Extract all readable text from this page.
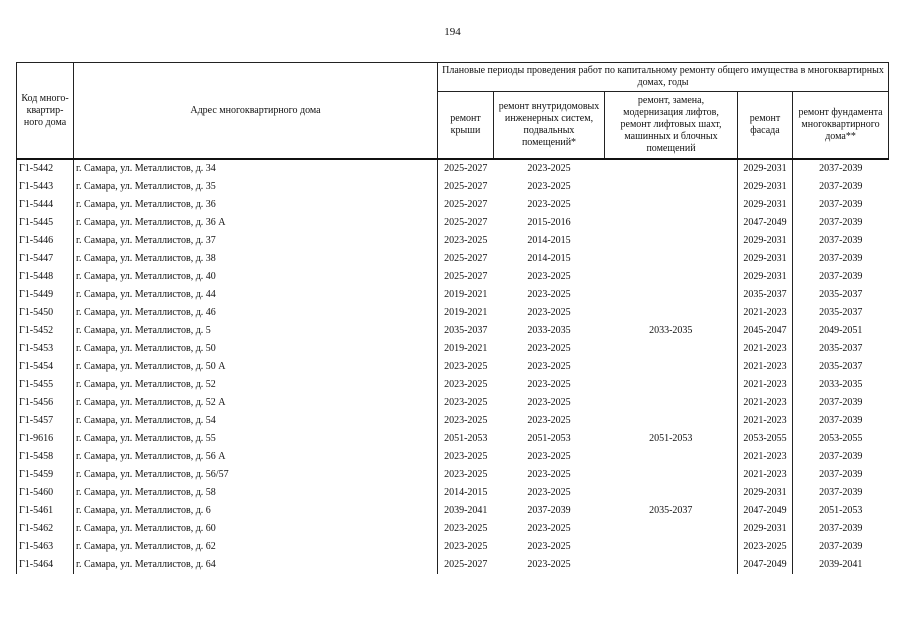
194
Код много-квартир-ного дома	Адрес многоквартирного дома	Плановые периоды проведения работ по капитальному ремонту общего имущества в многоквартирных домах, годы				
		ремонт крыши	ремонт внутридомовых инженерных систем, подвальных помещений*	ремонт, замена, модернизация лифтов, ремонт лифтовых шахт, машинных и блочных помещений	ремонт фасада	ремонт фундамента многоквартирного дома**
Г1-5442	г. Самара, ул. Металлистов, д. 34	2025-2027	2023-2025		2029-2031	2037-2039
Г1-5443	г. Самара, ул. Металлистов, д. 35	2025-2027	2023-2025		2029-2031	2037-2039
Г1-5444	г. Самара, ул. Металлистов, д. 36	2025-2027	2023-2025		2029-2031	2037-2039
Г1-5445	г. Самара, ул. Металлистов, д. 36 А	2025-2027	2015-2016		2047-2049	2037-2039
Г1-5446	г. Самара, ул. Металлистов, д. 37	2023-2025	2014-2015		2029-2031	2037-2039
Г1-5447	г. Самара, ул. Металлистов, д. 38	2025-2027	2014-2015		2029-2031	2037-2039
Г1-5448	г. Самара, ул. Металлистов, д. 40	2025-2027	2023-2025		2029-2031	2037-2039
Г1-5449	г. Самара, ул. Металлистов, д. 44	2019-2021	2023-2025		2035-2037	2035-2037
Г1-5450	г. Самара, ул. Металлистов, д. 46	2019-2021	2023-2025		2021-2023	2035-2037
Г1-5452	г. Самара, ул. Металлистов, д. 5	2035-2037	2033-2035	2033-2035	2045-2047	2049-2051
Г1-5453	г. Самара, ул. Металлистов, д. 50	2019-2021	2023-2025		2021-2023	2035-2037
Г1-5454	г. Самара, ул. Металлистов, д. 50 А	2023-2025	2023-2025		2021-2023	2035-2037
Г1-5455	г. Самара, ул. Металлистов, д. 52	2023-2025	2023-2025		2021-2023	2033-2035
Г1-5456	г. Самара, ул. Металлистов, д. 52 А	2023-2025	2023-2025		2021-2023	2037-2039
Г1-5457	г. Самара, ул. Металлистов, д. 54	2023-2025	2023-2025		2021-2023	2037-2039
Г1-9616	г. Самара, ул. Металлистов, д. 55	2051-2053	2051-2053	2051-2053	2053-2055	2053-2055
Г1-5458	г. Самара, ул. Металлистов, д. 56 А	2023-2025	2023-2025		2021-2023	2037-2039
Г1-5459	г. Самара, ул. Металлистов, д. 56/57	2023-2025	2023-2025		2021-2023	2037-2039
Г1-5460	г. Самара, ул. Металлистов, д. 58	2014-2015	2023-2025		2029-2031	2037-2039
Г1-5461	г. Самара, ул. Металлистов, д. 6	2039-2041	2037-2039	2035-2037	2047-2049	2051-2053
Г1-5462	г. Самара, ул. Металлистов, д. 60	2023-2025	2023-2025		2029-2031	2037-2039
Г1-5463	г. Самара, ул. Металлистов, д. 62	2023-2025	2023-2025		2023-2025	2037-2039
Г1-5464	г. Самара, ул. Металлистов, д. 64	2025-2027	2023-2025		2047-2049	2039-2041
